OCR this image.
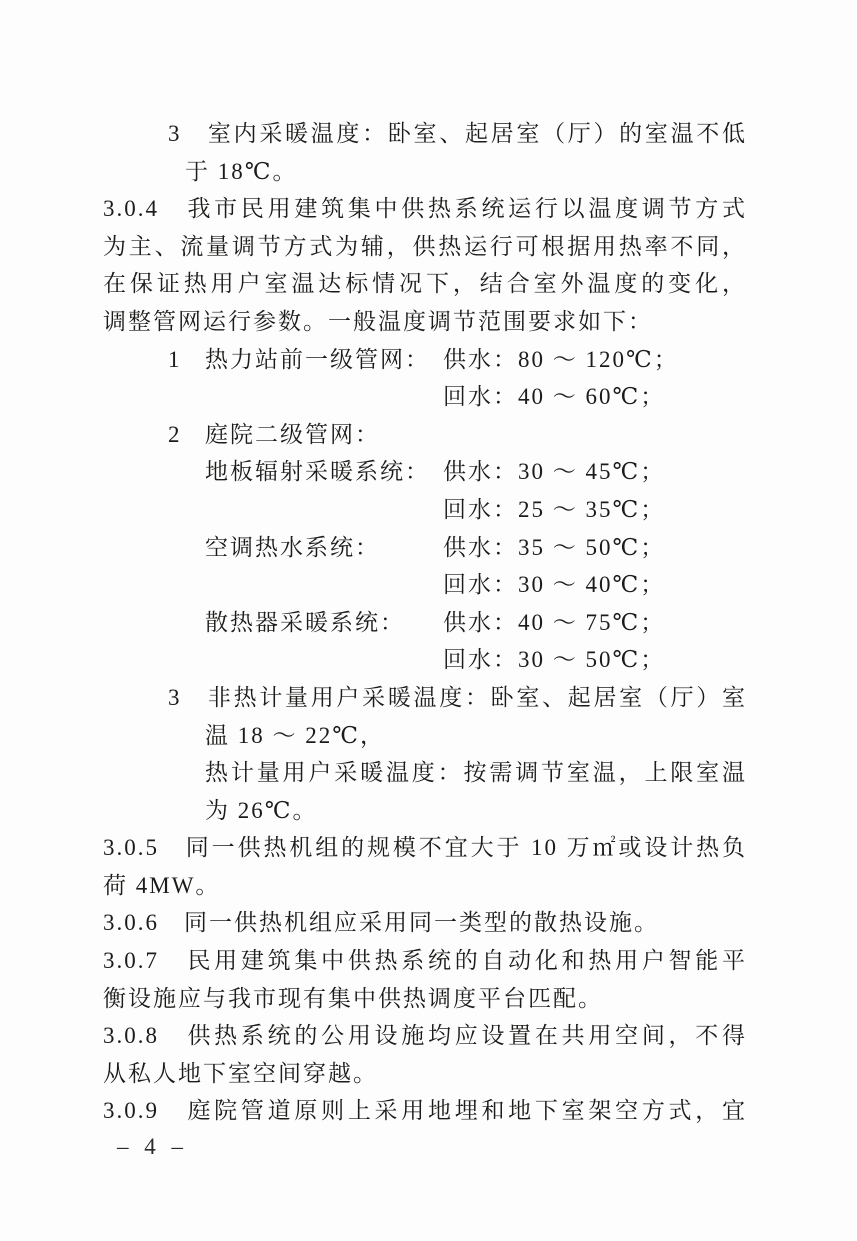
3　室内采暖温度：卧室、起居室（厅）的室温不低
于 18℃。
3.0.4　我市民用建筑集中供热系统运行以温度调节方式
为主、流量调节方式为辅，供热运行可根据用热率不同，
在保证热用户室温达标情况下，结合室外温度的变化，
调整管网运行参数。一般温度调节范围要求如下：
1	热力站前一级管网： 供水：80 ～ 120℃；
回水：40 ～ 60℃；
2	庭院二级管网：
地板辐射采暖系统： 供水：30 ～ 45℃；
回水：25 ～ 35℃；
空调热水系统：	供水：35 ～ 50℃；
回水：30 ～ 40℃；
散热器采暖系统：	供水：40 ～ 75℃；
回水：30 ～ 50℃；
3　非热计量用户采暖温度：卧室、起居室（厅）室
温 18 ～ 22℃，
热计量用户采暖温度：按需调节室温，上限室温
为 26℃。
3.0.5　同一供热机组的规模不宜大于 10 万㎡或设计热负
荷 4MW。
3.0.6　同一供热机组应采用同一类型的散热设施。
3.0.7　民用建筑集中供热系统的自动化和热用户智能平
衡设施应与我市现有集中供热调度平台匹配。
3.0.8　供热系统的公用设施均应设置在共用空间，不得
从私人地下室空间穿越。
3.0.9　庭院管道原则上采用地埋和地下室架空方式，宜
– 4 –
